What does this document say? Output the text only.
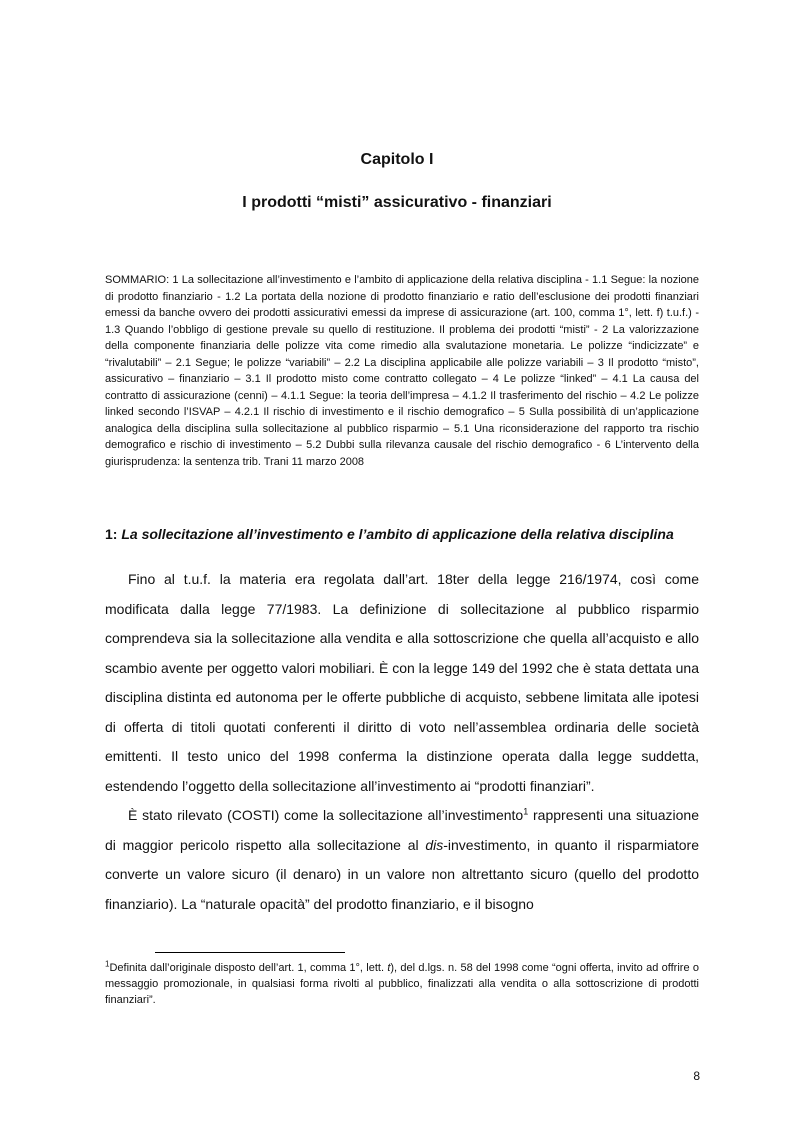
Capitolo I
I prodotti “misti” assicurativo - finanziari

SOMMARIO: 1 La sollecitazione all’investimento e l’ambito di applicazione della relativa disciplina - 1.1 Segue: la nozione di prodotto finanziario - 1.2 La portata della nozione di prodotto finanziario e ratio dell’esclusione dei prodotti finanziari emessi da banche ovvero dei prodotti assicurativi emessi da imprese di assicurazione (art. 100, comma 1°, lett. f) t.u.f.) - 1.3 Quando l’obbligo di gestione prevale su quello di restituzione. Il problema dei prodotti “misti” - 2 La valorizzazione della componente finanziaria delle polizze vita come rimedio alla svalutazione monetaria. Le polizze “indicizzate” e “rivalutabili” – 2.1 Segue; le polizze “variabili” – 2.2 La disciplina applicabile alle polizze variabili – 3 Il prodotto “misto”, assicurativo – finanziario – 3.1 Il prodotto misto come contratto collegato – 4 Le polizze “linked” – 4.1 La causa del contratto di assicurazione (cenni) – 4.1.1 Segue: la teoria dell’impresa – 4.1.2 Il trasferimento del rischio – 4.2 Le polizze linked secondo l’ISVAP – 4.2.1 Il rischio di investimento e il rischio demografico – 5 Sulla possibilità di un’applicazione analogica della disciplina sulla sollecitazione al pubblico risparmio – 5.1 Una riconsiderazione del rapporto tra rischio demografico e rischio di investimento – 5.2 Dubbi sulla rilevanza causale del rischio demografico - 6 L’intervento della giurisprudenza: la sentenza trib. Trani 11 marzo 2008

1: La sollecitazione all’investimento e l’ambito di applicazione della relativa disciplina

Fino al t.u.f. la materia era regolata dall’art. 18ter della legge 216/1974, così come modificata dalla legge 77/1983. La definizione di sollecitazione al pubblico risparmio comprendeva sia la sollecitazione alla vendita e alla sottoscrizione che quella all’acquisto e allo scambio avente per oggetto valori mobiliari. È con la legge 149 del 1992 che è stata dettata una disciplina distinta ed autonoma per le offerte pubbliche di acquisto, sebbene limitata alle ipotesi di offerta di titoli quotati conferenti il diritto di voto nell’assemblea ordinaria delle società emittenti. Il testo unico del 1998 conferma la distinzione operata dalla legge suddetta, estendendo l’oggetto della sollecitazione all’investimento ai “prodotti finanziari”.

È stato rilevato (COSTI) come la sollecitazione all’investimento$^1$ rappresenti una situazione di maggior pericolo rispetto alla sollecitazione al dis-investimento, in quanto il risparmiatore converte un valore sicuro (il denaro) in un valore non altrettanto sicuro (quello del prodotto finanziario). La “naturale opacità” del prodotto finanziario, e il bisogno

$^1$Definita dall’originale disposto dell’art. 1, comma 1°, lett. t), del d.lgs. n. 58 del 1998 come “ogni offerta, invito ad offrire o messaggio promozionale, in qualsiasi forma rivolti al pubblico, finalizzati alla vendita o alla sottoscrizione di prodotti finanziari”.

8
